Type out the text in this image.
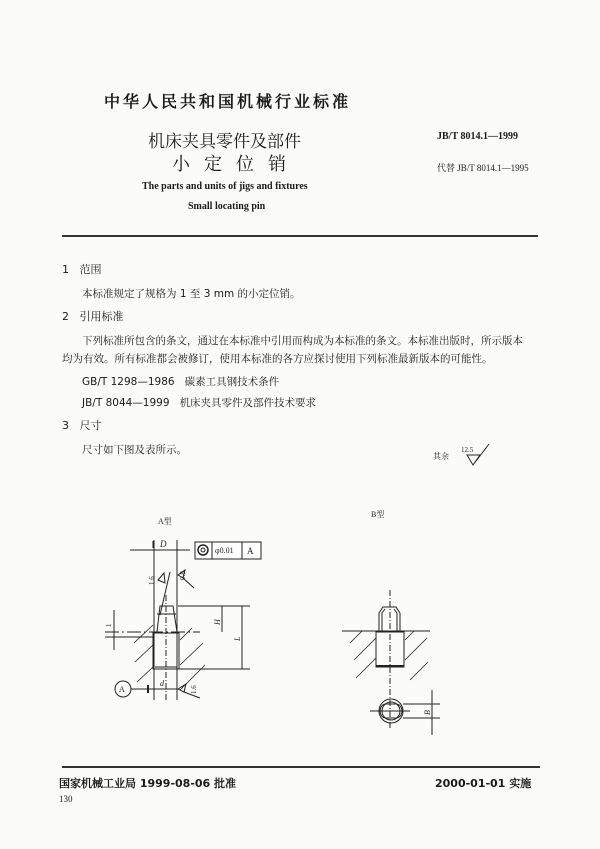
中华人民共和国机械行业标准
机床夹具零件及部件
小定位销
The parts and units of jigs and fixtures
Small locating pin
JB/T 8014.1—1999
代替 JB/T 8014.1—1995
1 范围
本标准规定了规格为 1 至 3 mm 的小定位销。
2 引用标准
下列标准所包含的条文，通过在本标准中引用而构成为本标准的条文。本标准出版时，所示版本
均为有效。所有标准都会被修订，使用本标准的各方应探讨使用下列标准最新版本的可能性。
GB/T 1298—1986 碳素工具钢技术条件
JB/T 8044—1999 机床夹具零件及部件技术要求
3 尺寸
尺寸如下图及表所示。
其余
12.5
A型
D
φ0.01 A
1.6
0.8
H
L
1
A
d
1.6
B型
B
国家机械工业局 1999-08-06 批准	2000-01-01 实施
130
